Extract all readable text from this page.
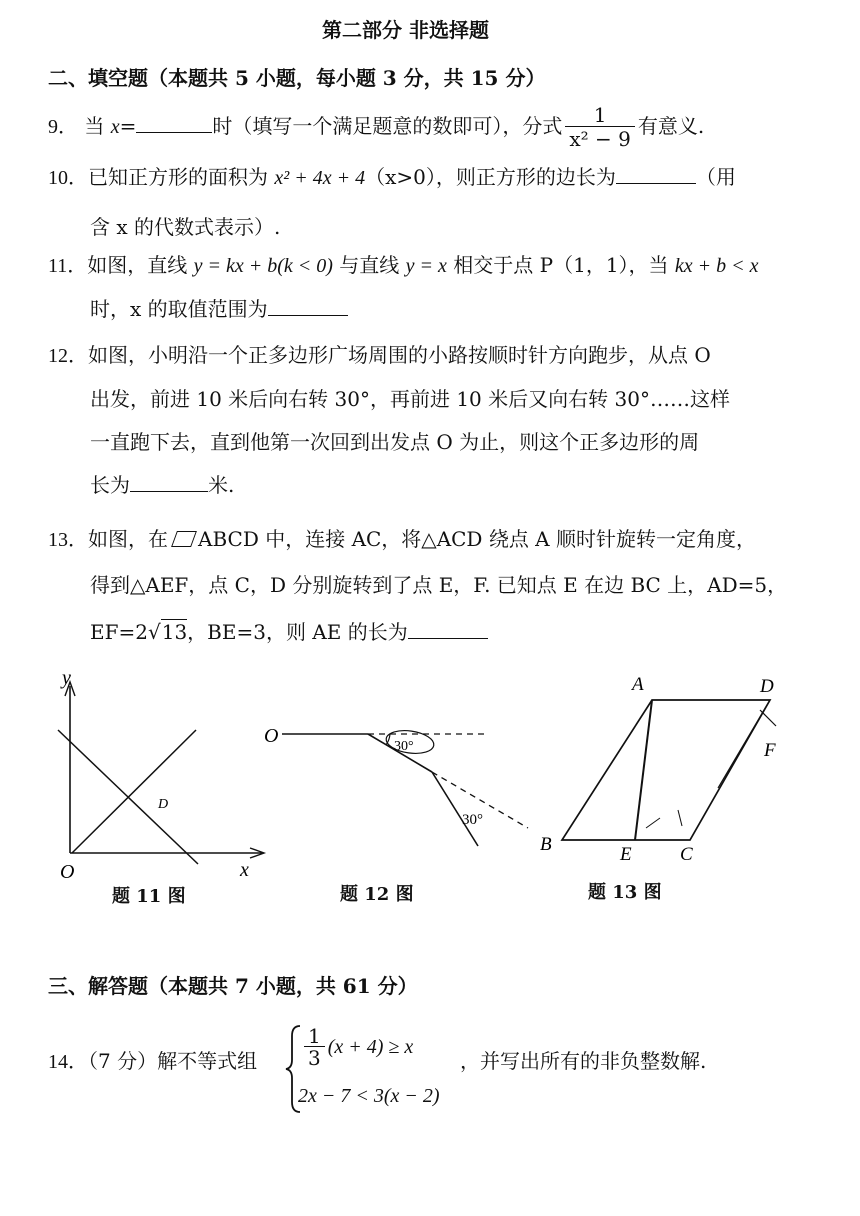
第二部分 非选择题
二、填空题（本题共 5 小题，每小题 3 分，共 15 分）
9． 当 x=	时（填写一个满足题意的数即可），分式 $\frac{1}{\text{x² − 9}}$ 有意义.
10．已知正方形的面积为 x² + 4x + 4（x>0），则正方形的边长为	（用
含 x 的代数式表示）.
11．如图，直线 y = kx + b(k < 0) 与直线 y = x 相交于点 P（1，1），当 kx + b < x
时，x 的取值范围为
12．如图，小明沿一个正多边形广场周围的小路按顺时针方向跑步，从点 O
出发，前进 10 米后向右转 30°，再前进 10 米后又向右转 30°……这样
一直跑下去，直到他第一次回到出发点 O 为止，则这个正多边形的周
长为	米.
13．如图，在 ABCD 中，连接 AC，将△ACD 绕点 A 顺时针旋转一定角度，
得到△AEF，点 C，D 分别旋转到了点 E，F. 已知点 E 在边 BC 上，AD=5，
EF=2√13，BE=3，则 AE 的长为
y
x
O
D
题 11 图
O	30°
30°
题 12 图
A	D
F
B	E	C
题 13 图
三、解答题（本题共 7 小题，共 61 分）
14．（7 分）解不等式组 $\frac{1}{3} (x + 4) \ge x$
2x − 7 < 3(x − 2)
，并写出所有的非负整数解.
